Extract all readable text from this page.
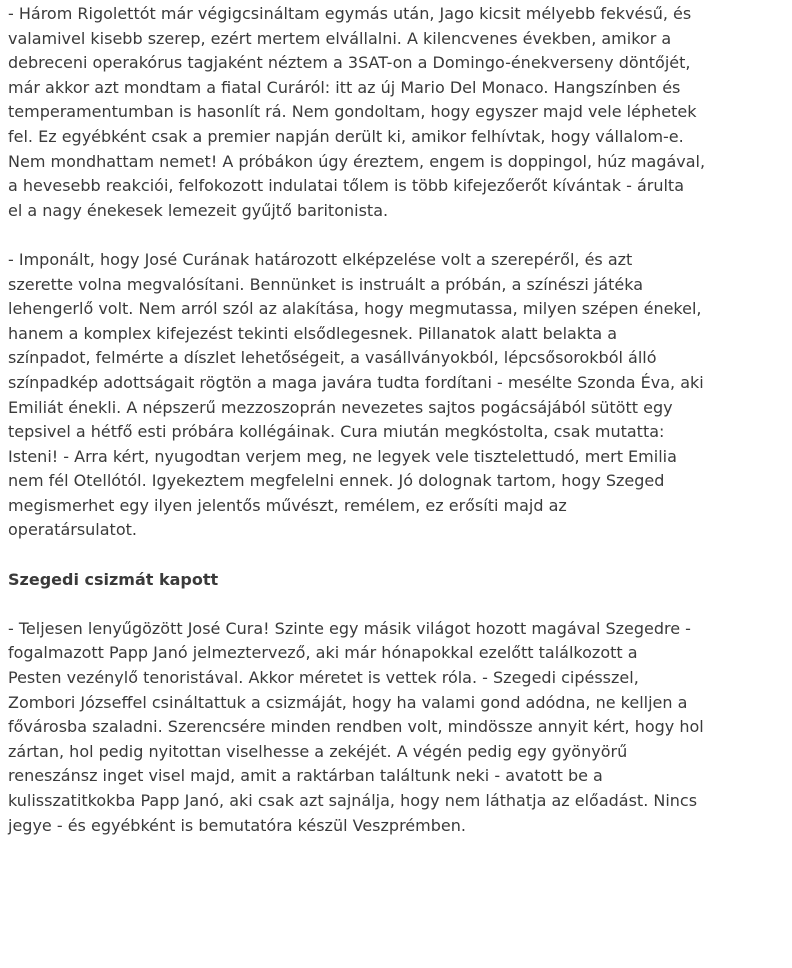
- Három Rigolettót már végigcsináltam egymás után, Jago kicsit mélyebb fekvésű, és
valamivel kisebb szerep, ezért mertem elvállalni. A kilencvenes években, amikor a
debreceni operakórus tagjaként néztem a 3SAT-on a Domingo-énekverseny döntőjét,
már akkor azt mondtam a fiatal Curáról: itt az új Mario Del Monaco. Hangszínben és
temperamentumban is hasonlít rá. Nem gondoltam, hogy egyszer majd vele léphetek
fel. Ez egyébként csak a premier napján derült ki, amikor felhívtak, hogy vállalom-e.
Nem mondhattam nemet! A próbákon úgy éreztem, engem is doppingol, húz magával,
a hevesebb reakciói, felfokozott indulatai tőlem is több kifejezőerőt kívántak - árulta
el a nagy énekesek lemezeit gyűjtő baritonista.

- Imponált, hogy José Curának határozott elképzelése volt a szerepéről, és azt
szerette volna megvalósítani. Bennünket is instruált a próbán, a színészi játéka
lehengerlő volt. Nem arról szól az alakítása, hogy megmutassa, milyen szépen énekel,
hanem a komplex kifejezést tekinti elsődlegesnek. Pillanatok alatt belakta a
színpadot, felmérte a díszlet lehetőségeit, a vasállványokból, lépcsősorokból álló
színpadkép adottságait rögtön a maga javára tudta fordítani - mesélte Szonda Éva, aki
Emiliát énekli. A népszerű mezzoszoprán nevezetes sajtos pogácsájából sütött egy
tepsivel a hétfő esti próbára kollégáinak. Cura miután megkóstolta, csak mutatta:
Isteni! - Arra kért, nyugodtan verjem meg, ne legyek vele tisztelettudó, mert Emilia
nem fél Otellótól. Igyekeztem megfelelni ennek. Jó dolognak tartom, hogy Szeged
megismerhet egy ilyen jelentős művészt, remélem, ez erősíti majd az
operatársulatot.

Szegedi csizmát kapott

- Teljesen lenyűgözött José Cura! Szinte egy másik világot hozott magával Szegedre -
fogalmazott Papp Janó jelmeztervező, aki már hónapokkal ezelőtt találkozott a
Pesten vezénylő tenoristával. Akkor méretet is vettek róla. - Szegedi cipésszel,
Zombori Józseffel csináltattuk a csizmáját, hogy ha valami gond adódna, ne kelljen a
fővárosba szaladni. Szerencsére minden rendben volt, mindössze annyit kért, hogy hol
zártan, hol pedig nyitottan viselhesse a zekéjét. A végén pedig egy gyönyörű
reneszánsz inget visel majd, amit a raktárban találtunk neki - avatott be a
kulisszatitkokba Papp Janó, aki csak azt sajnálja, hogy nem láthatja az előadást. Nincs
jegye - és egyébként is bemutatóra készül Veszprémben.
